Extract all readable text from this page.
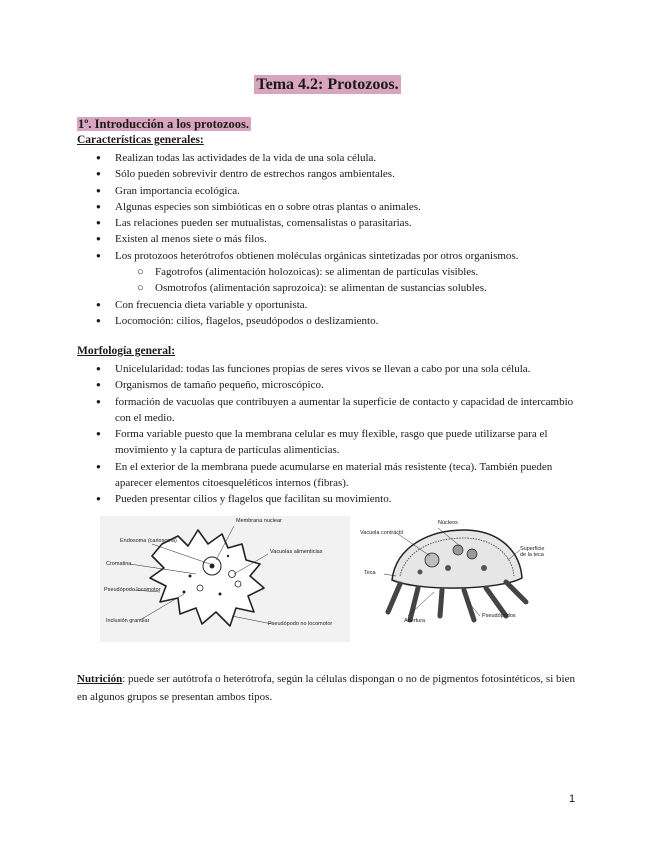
Tema 4.2: Protozoos.
1º. Introducción a los protozoos.
Características generales:
● Realizan todas las actividades de la vida de una sola célula.
● Sólo pueden sobrevivir dentro de estrechos rangos ambientales.
● Gran importancia ecológica.
● Algunas especies son simbióticas en o sobre otras plantas o animales.
● Las relaciones pueden ser mutualistas, comensalistas o parasitarias.
● Existen al menos siete o más filos.
● Los protozoos heterótrofos obtienen moléculas orgánicas sintetizadas por otros organismos.
○ Fagotrofos (alimentación holozoicas): se alimentan de partículas visibles.
○ Osmotrofos (alimentación saprozoica): se alimentan de sustancias solubles.
● Con frecuencia dieta variable y oportunista.
● Locomoción: cilios, flagelos, pseudópodos o deslizamiento.
Morfología general:
● Unicelularidad: todas las funciones propias de seres vivos se llevan a cabo por una sola célula.
● Organismos de tamaño pequeño, microscópico.
● formación de vacuolas que contribuyen a aumentar la superficie de contacto y capacidad de intercambio con el medio.
● Forma variable puesto que la membrana celular es muy flexible, rasgo que puede utilizarse para el movimiento y la captura de partículas alimenticias.
● En el exterior de la membrana puede acumularse en material más resistente (teca). También pueden aparecer elementos citoesqueléticos internos (fibras).
● Pueden presentar cilios y flagelos que facilitan su movimiento.
Membrana nuclear
Endosoma (cariosoma)
Vacuolas alimenticias
Cromatina
Pseudópodo locomotor
Inclusión granular	Pseudópodo no locomotor
Núcleos
Vacuola contráctil
Superficie de la teca
Teca
Abertura
Pseudópodos
Nutrición: puede ser autótrofa o heterótrofa, según la células dispongan o no de pigmentos fotosintéticos, si bien en algunos grupos se presentan ambos tipos.
1
